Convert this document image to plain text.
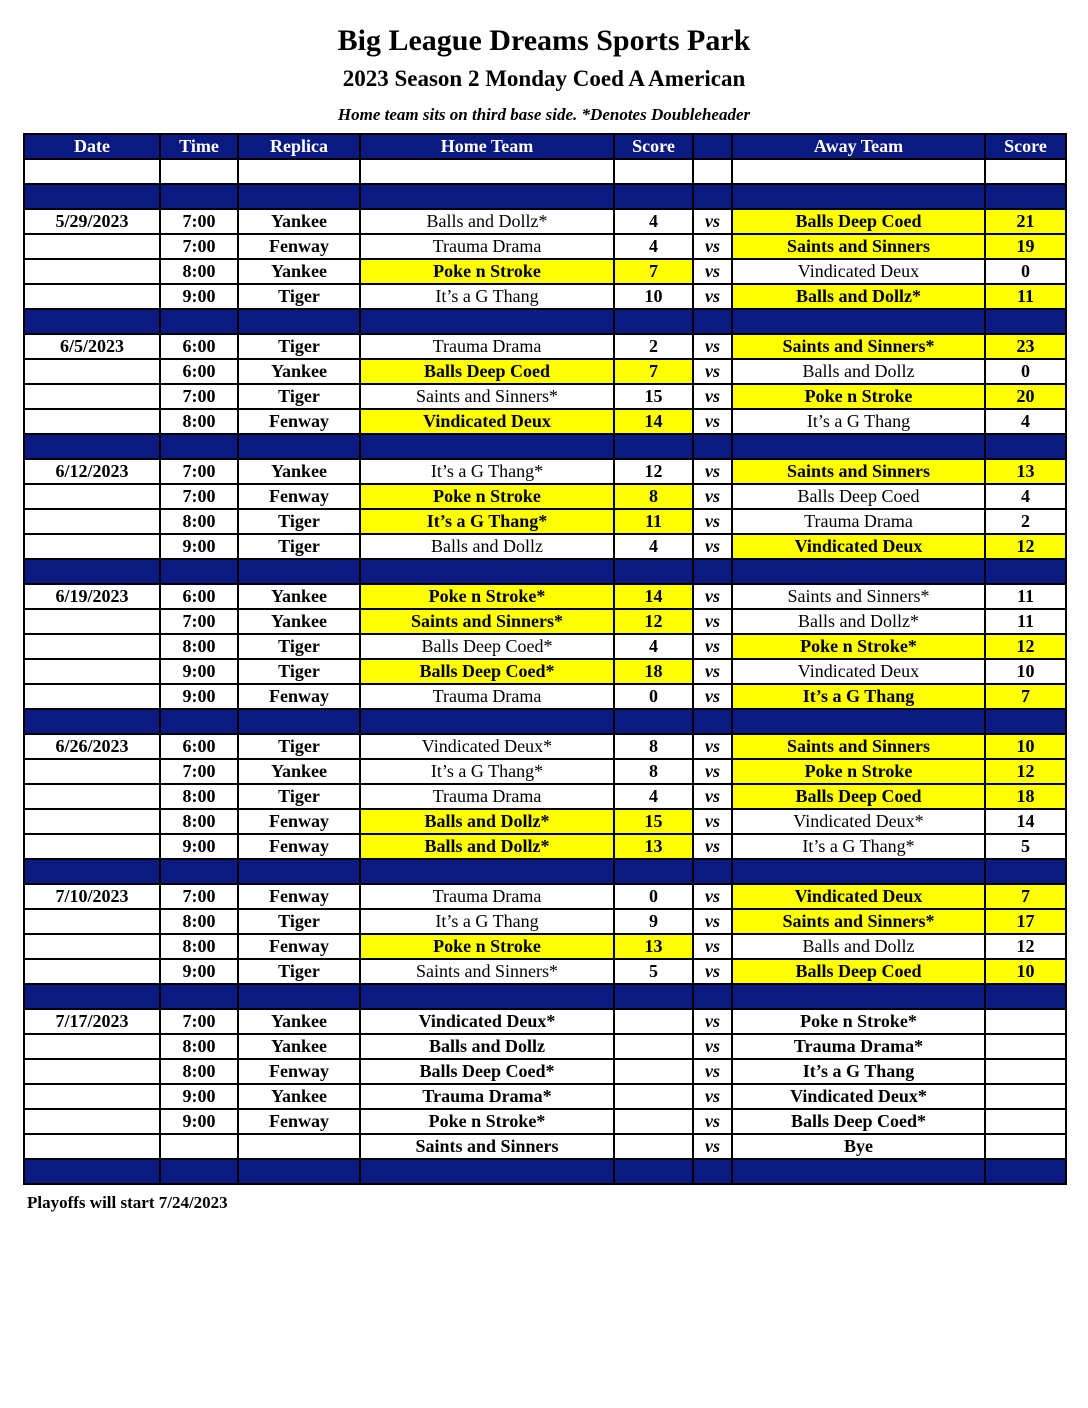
Big League Dreams Sports Park
2023 Season 2 Monday Coed A American
Home team sits on third base side. *Denotes Doubleheader
Date	Time	Replica	Home Team	Score		Away Team	Score

5/29/2023	7:00	Yankee	Balls and Dollz*	4	vs	Balls Deep Coed	21
	7:00	Fenway	Trauma Drama	4	vs	Saints and Sinners	19
	8:00	Yankee	Poke n Stroke	7	vs	Vindicated Deux	0
	9:00	Tiger	It’s a G Thang	10	vs	Balls and Dollz*	11

6/5/2023	6:00	Tiger	Trauma Drama	2	vs	Saints and Sinners*	23
	6:00	Yankee	Balls Deep Coed	7	vs	Balls and Dollz	0
	7:00	Tiger	Saints and Sinners*	15	vs	Poke n Stroke	20
	8:00	Fenway	Vindicated Deux	14	vs	It’s a G Thang	4

6/12/2023	7:00	Yankee	It’s a G Thang*	12	vs	Saints and Sinners	13
	7:00	Fenway	Poke n Stroke	8	vs	Balls Deep Coed	4
	8:00	Tiger	It’s a G Thang*	11	vs	Trauma Drama	2
	9:00	Tiger	Balls and Dollz	4	vs	Vindicated Deux	12

6/19/2023	6:00	Yankee	Poke n Stroke*	14	vs	Saints and Sinners*	11
	7:00	Yankee	Saints and Sinners*	12	vs	Balls and Dollz*	11
	8:00	Tiger	Balls Deep Coed*	4	vs	Poke n Stroke*	12
	9:00	Tiger	Balls Deep Coed*	18	vs	Vindicated Deux	10
	9:00	Fenway	Trauma Drama	0	vs	It’s a G Thang	7

6/26/2023	6:00	Tiger	Vindicated Deux*	8	vs	Saints and Sinners	10
	7:00	Yankee	It’s a G Thang*	8	vs	Poke n Stroke	12
	8:00	Tiger	Trauma Drama	4	vs	Balls Deep Coed	18
	8:00	Fenway	Balls and Dollz*	15	vs	Vindicated Deux*	14
	9:00	Fenway	Balls and Dollz*	13	vs	It’s a G Thang*	5

7/10/2023	7:00	Fenway	Trauma Drama	0	vs	Vindicated Deux	7
	8:00	Tiger	It’s a G Thang	9	vs	Saints and Sinners*	17
	8:00	Fenway	Poke n Stroke	13	vs	Balls and Dollz	12
	9:00	Tiger	Saints and Sinners*	5	vs	Balls Deep Coed	10

7/17/2023	7:00	Yankee	Vindicated Deux*		vs	Poke n Stroke*	
	8:00	Yankee	Balls and Dollz		vs	Trauma Drama*	
	8:00	Fenway	Balls Deep Coed*		vs	It’s a G Thang	
	9:00	Yankee	Trauma Drama*		vs	Vindicated Deux*	
	9:00	Fenway	Poke n Stroke*		vs	Balls Deep Coed*	
			Saints and Sinners		vs	Bye	

Playoffs will start 7/24/2023
